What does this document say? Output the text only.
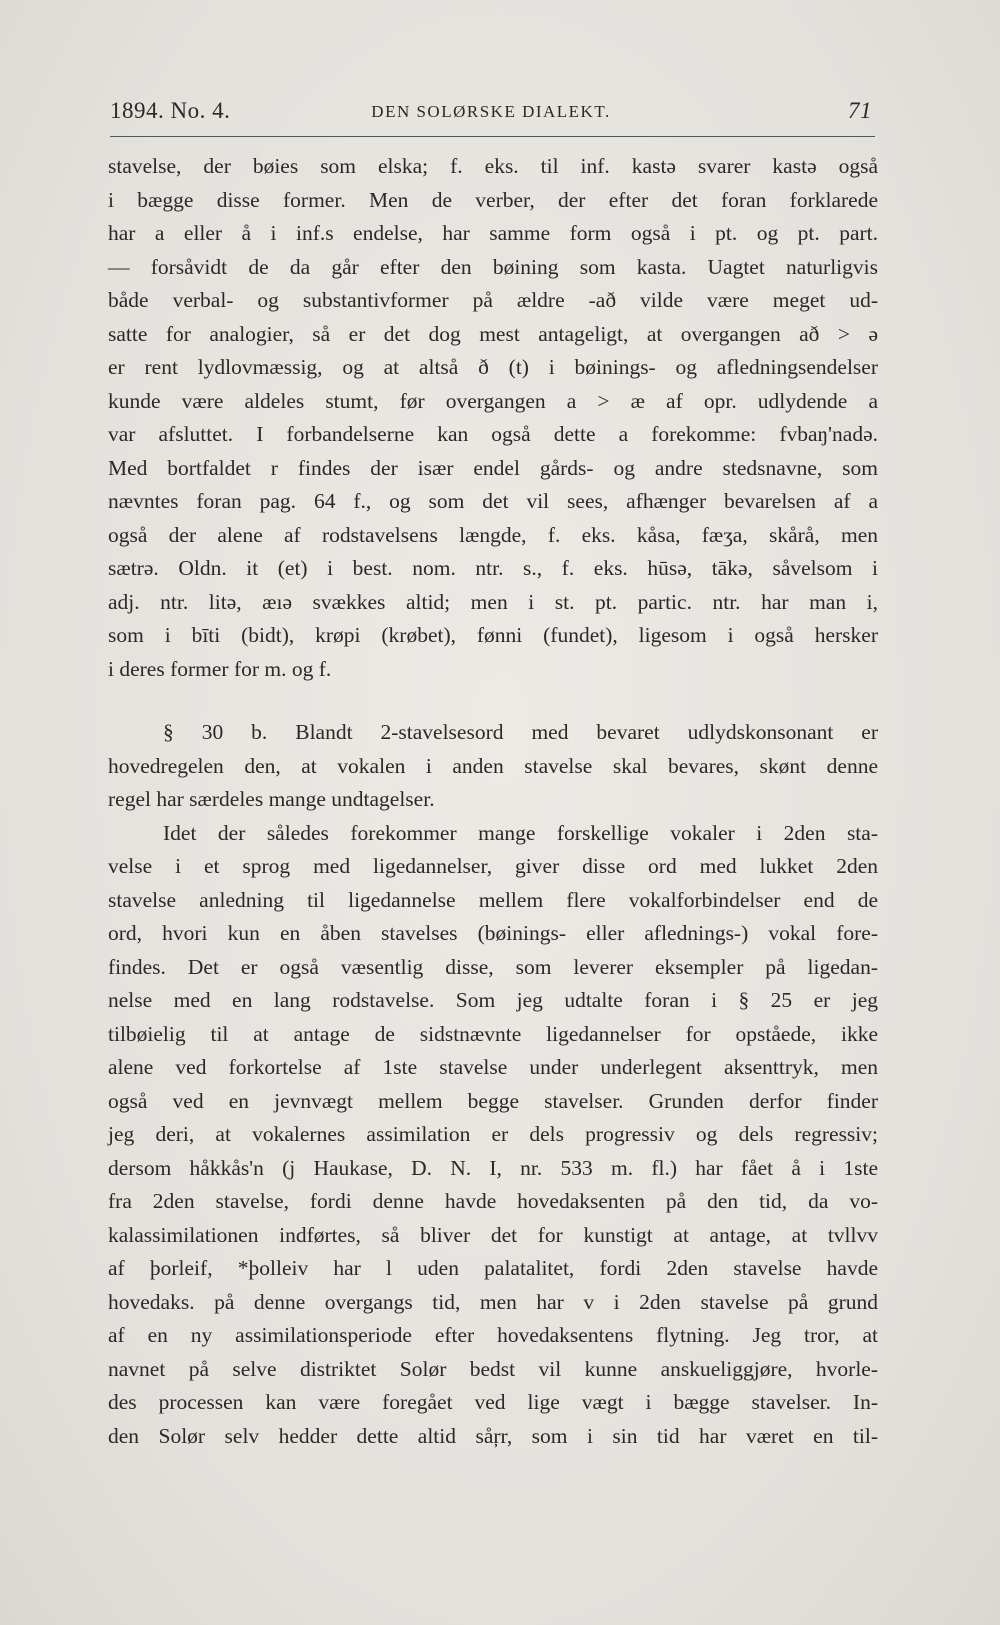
1894. No. 4.	DEN SOLØRSKE DIALEKT.	71
stavelse, der bøies som elska; f. eks. til inf. kastə svarer kastə også
i bægge disse former. Men de verber, der efter det foran forklarede
har a eller å i inf.s endelse, har samme form også i pt. og pt. part.
— forsåvidt de da går efter den bøining som kasta. Uagtet naturligvis
både verbal- og substantivformer på ældre -að vilde være meget ud-
satte for analogier, så er det dog mest antageligt, at overgangen að > ə
er rent lydlovmæssig, og at altså ð (t) i bøinings- og afledningsendelser
kunde være aldeles stumt, før overgangen a > æ af opr. udlydende a
var afsluttet. I forbandelserne kan også dette a forekomme: fvbaŋ'nadə.
Med bortfaldet r findes der især endel gårds- og andre stedsnavne, som
nævntes foran pag. 64 f., og som det vil sees, afhænger bevarelsen af a
også der alene af rodstavelsens længde, f. eks. kåsa, fæʒa, skårå, men
sætrə. Oldn. it (et) i best. nom. ntr. s., f. eks. hūsə, tākə, såvelsom i
adj. ntr. litə, æıə svækkes altid; men i st. pt. partic. ntr. har man i,
som i bīti (bidt), krøpi (krøbet), fønni (fundet), ligesom i også hersker
i deres former for m. og f.
§ 30 b. Blandt 2-stavelsesord med bevaret udlydskonsonant er
hovedregelen den, at vokalen i anden stavelse skal bevares, skønt denne
regel har særdeles mange undtagelser.
Idet der således forekommer mange forskellige vokaler i 2den sta-
velse i et sprog med ligedannelser, giver disse ord med lukket 2den
stavelse anledning til ligedannelse mellem flere vokalforbindelser end de
ord, hvori kun en åben stavelses (bøinings- eller aflednings-) vokal fore-
findes. Det er også væsentlig disse, som leverer eksempler på ligedan-
nelse med en lang rodstavelse. Som jeg udtalte foran i § 25 er jeg
tilbøielig til at antage de sidstnævnte ligedannelser for opståede, ikke
alene ved forkortelse af 1ste stavelse under underlegent aksenttryk, men
også ved en jevnvægt mellem begge stavelser. Grunden derfor finder
jeg deri, at vokalernes assimilation er dels progressiv og dels regressiv;
dersom håkkås'n (j Haukase, D. N. I, nr. 533 m. fl.) har fået å i 1ste
fra 2den stavelse, fordi denne havde hovedaksenten på den tid, da vo-
kalassimilationen indførtes, så bliver det for kunstigt at antage, at tvllvv
af þorleif, *þolleiv har l uden palatalitet, fordi 2den stavelse havde
hovedaks. på denne overgangs tid, men har v i 2den stavelse på grund
af en ny assimilationsperiode efter hovedaksentens flytning. Jeg tror, at
navnet på selve distriktet Solør bedst vil kunne anskueliggjøre, hvorle-
des processen kan være foregået ved lige vægt i bægge stavelser. In-
den Solør selv hedder dette altid såŗr, som i sin tid har været en til-
